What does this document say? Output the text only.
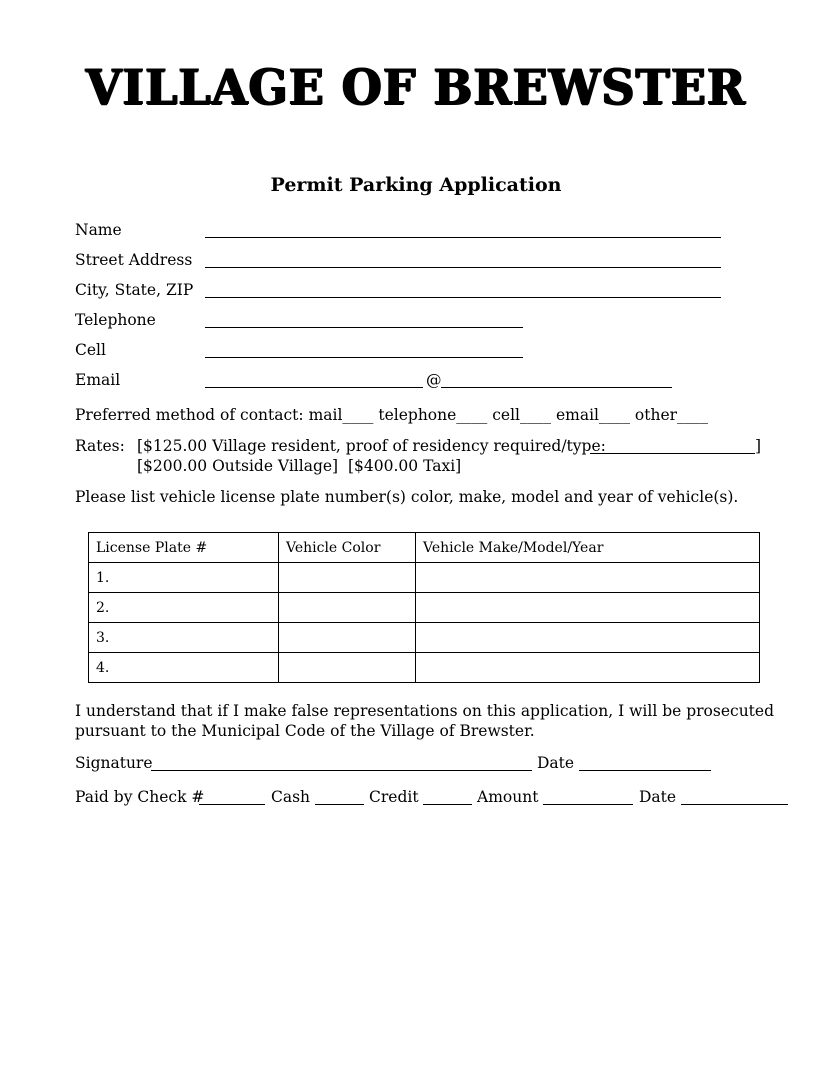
VILLAGE OF BREWSTER
Permit Parking Application
Name
Street Address
City, State, ZIP
Telephone
Cell
Email	@
Preferred method of contact: mail____ telephone____ cell____ email____ other____
Rates: [$125.00 Village resident, proof of residency required/type:	]
[$200.00 Outside Village] [$400.00 Taxi]
Please list vehicle license plate number(s) color, make, model and year of vehicle(s).
License Plate #	Vehicle Color	Vehicle Make/Model/Year
1.		
2.		
3.		
4.		
I understand that if I make false representations on this application, I will be prosecuted
pursuant to the Municipal Code of the Village of Brewster.
Signature	Date
Paid by Check #	Cash	Credit	Amount	Date
